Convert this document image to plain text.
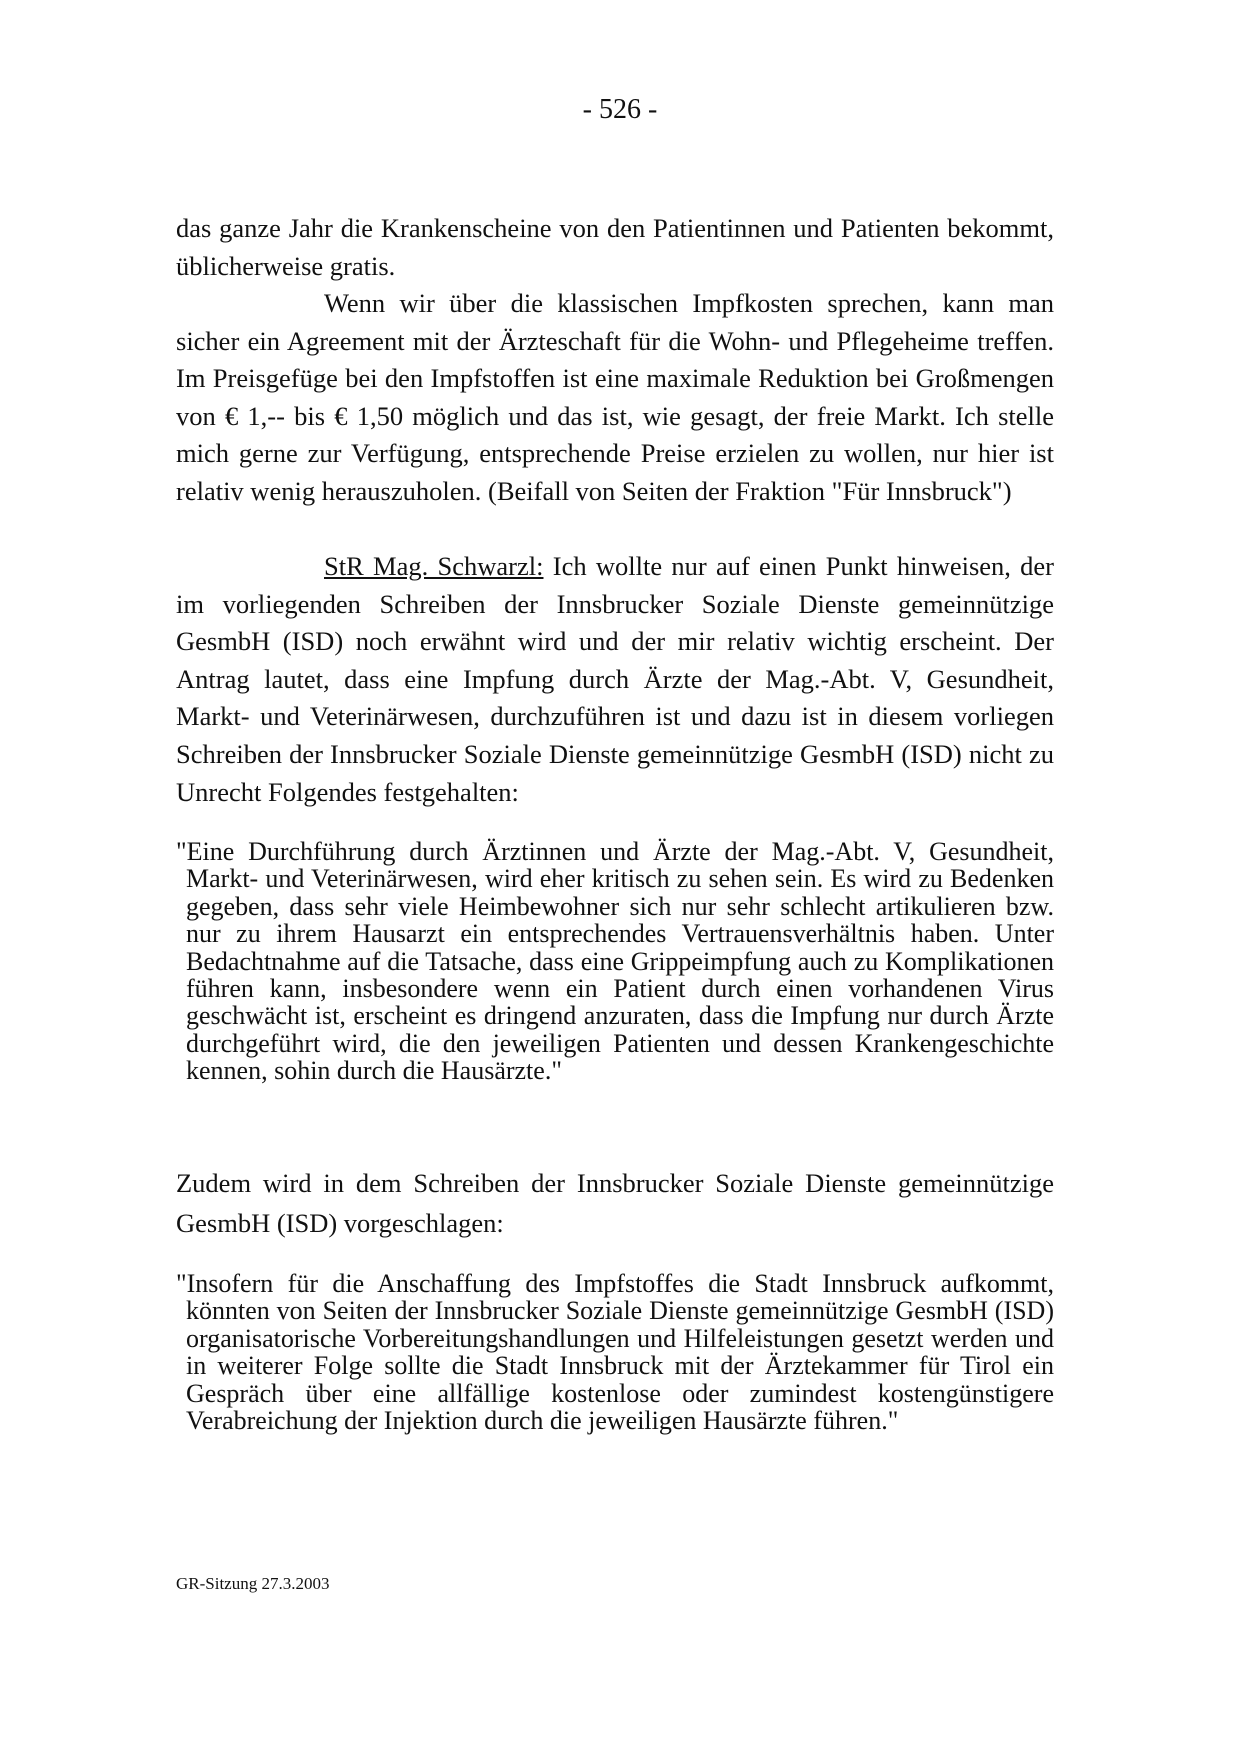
- 526 -

das ganze Jahr die Krankenscheine von den Patientinnen und Patienten bekommt, üblicherweise gratis.

Wenn wir über die klassischen Impfkosten sprechen, kann man sicher ein Agreement mit der Ärzteschaft für die Wohn- und Pflegeheime treffen. Im Preisgefüge bei den Impfstoffen ist eine maximale Reduktion bei Großmengen von € 1,-- bis € 1,50 möglich und das ist, wie gesagt, der freie Markt. Ich stelle mich gerne zur Verfügung, entsprechende Preise erzielen zu wollen, nur hier ist relativ wenig herauszuholen. (Beifall von Seiten der Fraktion "Für Innsbruck")

StR Mag. Schwarzl: Ich wollte nur auf einen Punkt hinweisen, der im vorliegenden Schreiben der Innsbrucker Soziale Dienste gemeinnützige GesmbH (ISD) noch erwähnt wird und der mir relativ wichtig erscheint. Der Antrag lautet, dass eine Impfung durch Ärzte der Mag.-Abt. V, Gesundheit, Markt- und Veterinärwesen, durchzuführen ist und dazu ist in diesem vorliegen Schreiben der Innsbrucker Soziale Dienste gemeinnützige GesmbH (ISD) nicht zu Unrecht Folgendes festgehalten:

"Eine Durchführung durch Ärztinnen und Ärzte der Mag.-Abt. V, Gesundheit, Markt- und Veterinärwesen, wird eher kritisch zu sehen sein. Es wird zu Bedenken gegeben, dass sehr viele Heimbewohner sich nur sehr schlecht artikulieren bzw. nur zu ihrem Hausarzt ein entsprechendes Vertrauensverhältnis haben. Unter Bedachtnahme auf die Tatsache, dass eine Grippeimpfung auch zu Komplikationen führen kann, insbesondere wenn ein Patient durch einen vorhandenen Virus geschwächt ist, erscheint es dringend anzuraten, dass die Impfung nur durch Ärzte durchgeführt wird, die den jeweiligen Patienten und dessen Krankengeschichte kennen, sohin durch die Hausärzte."

Zudem wird in dem Schreiben der Innsbrucker Soziale Dienste gemeinnützige GesmbH (ISD) vorgeschlagen:

"Insofern für die Anschaffung des Impfstoffes die Stadt Innsbruck aufkommt, könnten von Seiten der Innsbrucker Soziale Dienste gemeinnützige GesmbH (ISD) organisatorische Vorbereitungshandlungen und Hilfeleistungen gesetzt werden und in weiterer Folge sollte die Stadt Innsbruck mit der Ärztekammer für Tirol ein Gespräch über eine allfällige kostenlose oder zumindest kostengünstigere Verabreichung der Injektion durch die jeweiligen Hausärzte führen."

GR-Sitzung 27.3.2003
